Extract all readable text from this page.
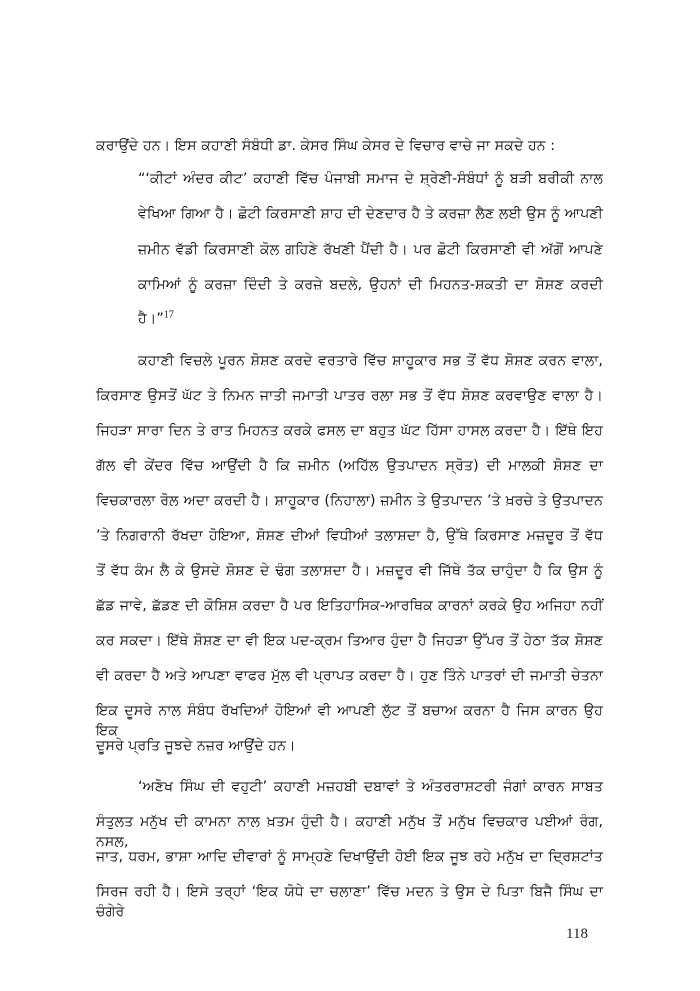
ਕਰਾਉਂਦੇ ਹਨ। ਇਸ ਕਹਾਣੀ ਸੰਬੰਧੀ ਡਾ. ਕੇਸਰ ਸਿੰਘ ਕੇਸਰ ਦੇ ਵਿਚਾਰ ਵਾਚੇ ਜਾ ਸਕਦੇ ਹਨ :
“‘ਕੀਟਾਂ ਅੰਦਰ ਕੀਟ’ ਕਹਾਣੀ ਵਿੱਚ ਪੰਜਾਬੀ ਸਮਾਜ ਦੇ ਸ਼੍ਰੇਣੀ-ਸੰਬੰਧਾਂ ਨੂੰ ਬੜੀ ਬਰੀਕੀ ਨਾਲ
ਵੇਖਿਆ ਗਿਆ ਹੈ। ਛੋਟੀ ਕਿਰਸਾਣੀ ਸ਼ਾਹ ਦੀ ਦੇਣਦਾਰ ਹੈ ਤੇ ਕਰਜ਼ਾ ਲੈਣ ਲਈ ਉਸ ਨੂੰ ਆਪਣੀ
ਜ਼ਮੀਨ ਵੱਡੀ ਕਿਰਸਾਣੀ ਕੋਲ ਗਹਿਣੇ ਰੱਖਣੀ ਪੈਂਦੀ ਹੈ। ਪਰ ਛੋਟੀ ਕਿਰਸਾਣੀ ਵੀ ਅੱਗੋਂ ਆਪਣੇ
ਕਾਮਿਆਂ ਨੂੰ ਕਰਜ਼ਾ ਦਿੰਦੀ ਤੇ ਕਰਜ਼ੇ ਬਦਲੇ, ਉਹਨਾਂ ਦੀ ਮਿਹਨਤ-ਸ਼ਕਤੀ ਦਾ ਸ਼ੋਸ਼ਣ ਕਰਦੀ
ਹੈ।”$^{17}$
ਕਹਾਣੀ ਵਿਚਲੇ ਪੂਰਨ ਸ਼ੋਸ਼ਣ ਕਰਦੇ ਵਰਤਾਰੇ ਵਿੱਚ ਸ਼ਾਹੂਕਾਰ ਸਭ ਤੋਂ ਵੱਧ ਸ਼ੋਸ਼ਣ ਕਰਨ ਵਾਲਾ,
ਕਿਰਸਾਣ ਉਸਤੋਂ ਘੱਟ ਤੇ ਨਿਮਨ ਜਾਤੀ ਜਮਾਤੀ ਪਾਤਰ ਰਲਾ ਸਭ ਤੋਂ ਵੱਧ ਸ਼ੋਸ਼ਣ ਕਰਵਾਉਣ ਵਾਲਾ ਹੈ।
ਜਿਹੜਾ ਸਾਰਾ ਦਿਨ ਤੇ ਰਾਤ ਮਿਹਨਤ ਕਰਕੇ ਫਸਲ ਦਾ ਬਹੁਤ ਘੱਟ ਹਿੱਸਾ ਹਾਸਲ ਕਰਦਾ ਹੈ। ਇੱਥੇ ਇਹ
ਗੱਲ ਵੀ ਕੇਂਦਰ ਵਿੱਚ ਆਉਂਦੀ ਹੈ ਕਿ ਜ਼ਮੀਨ (ਅਹਿੱਲ ਉਤਪਾਦਨ ਸ੍ਰੋਤ) ਦੀ ਮਾਲਕੀ ਸ਼ੋਸ਼ਣ ਦਾ
ਵਿਚਕਾਰਲਾ ਰੋਲ ਅਦਾ ਕਰਦੀ ਹੈ। ਸ਼ਾਹੂਕਾਰ (ਨਿਹਾਲਾ) ਜ਼ਮੀਨ ਤੇ ਉਤਪਾਦਨ ’ਤੇ ਖ਼ਰਚੇ ਤੇ ਉਤਪਾਦਨ
’ਤੇ ਨਿਗਰਾਨੀ ਰੱਖਦਾ ਹੋਇਆ, ਸ਼ੋਸ਼ਣ ਦੀਆਂ ਵਿਧੀਆਂ ਤਲਾਸ਼ਦਾ ਹੈ, ਉੱਥੇ ਕਿਰਸਾਣ ਮਜ਼ਦੂਰ ਤੋਂ ਵੱਧ
ਤੋਂ ਵੱਧ ਕੰਮ ਲੈ ਕੇ ਉਸਦੇ ਸ਼ੋਸ਼ਣ ਦੇ ਢੰਗ ਤਲਾਸ਼ਦਾ ਹੈ। ਮਜ਼ਦੂਰ ਵੀ ਜਿੱਥੇ ਤੱਕ ਚਾਹੁੰਦਾ ਹੈ ਕਿ ਉਸ ਨੂੰ
ਛੱਡ ਜਾਵੇ, ਛੱਡਣ ਦੀ ਕੋਸ਼ਿਸ਼ ਕਰਦਾ ਹੈ ਪਰ ਇਤਿਹਾਸਿਕ-ਆਰਥਿਕ ਕਾਰਨਾਂ ਕਰਕੇ ਉਹ ਅਜਿਹਾ ਨਹੀਂ
ਕਰ ਸਕਦਾ। ਇੱਥੇ ਸ਼ੋਸ਼ਣ ਦਾ ਵੀ ਇਕ ਪਦ-ਕ੍ਰਮ ਤਿਆਰ ਹੁੰਦਾ ਹੈ ਜਿਹੜਾ ਉੱਪਰ ਤੋਂ ਹੇਠਾ ਤੱਕ ਸ਼ੋਸ਼ਣ
ਵੀ ਕਰਦਾ ਹੈ ਅਤੇ ਆਪਣਾ ਵਾਫਰ ਮੁੱਲ ਵੀ ਪ੍ਰਾਪਤ ਕਰਦਾ ਹੈ। ਹੁਣ ਤਿੰਨੇ ਪਾਤਰਾਂ ਦੀ ਜਮਾਤੀ ਚੇਤਨਾ
ਇਕ ਦੂਸਰੇ ਨਾਲ ਸੰਬੰਧ ਰੱਖਦਿਆਂ ਹੋਇਆਂ ਵੀ ਆਪਣੀ ਲੁੱਟ ਤੋਂ ਬਚਾਅ ਕਰਨਾ ਹੈ ਜਿਸ ਕਾਰਨ ਉਹ ਇਕ
ਦੂਸਰੇ ਪ੍ਰਤਿ ਜੂਝਦੇ ਨਜ਼ਰ ਆਉਂਦੇ ਹਨ।
‘ਅਣੋਖ ਸਿੰਘ ਦੀ ਵਹੁਟੀ’ ਕਹਾਣੀ ਮਜ਼ਹਬੀ ਦਬਾਵਾਂ ਤੇ ਅੰਤਰਰਾਸ਼ਟਰੀ ਜੰਗਾਂ ਕਾਰਨ ਸਾਬਤ
ਸੰਤੁਲਤ ਮਨੁੱਖ ਦੀ ਕਾਮਨਾ ਨਾਲ ਖ਼ਤਮ ਹੁੰਦੀ ਹੈ। ਕਹਾਣੀ ਮਨੁੱਖ ਤੋਂ ਮਨੁੱਖ ਵਿਚਕਾਰ ਪਈਆਂ ਰੰਗ, ਨਸਲ,
ਜਾਤ, ਧਰਮ, ਭਾਸ਼ਾ ਆਦਿ ਦੀਵਾਰਾਂ ਨੂੰ ਸਾਮ੍ਹਣੇ ਦਿਖਾਉਂਦੀ ਹੋਈ ਇਕ ਜੂਝ ਰਹੇ ਮਨੁੱਖ ਦਾ ਦ੍ਰਿਸ਼ਟਾਂਤ
ਸਿਰਜ ਰਹੀ ਹੈ। ਇਸੇ ਤਰ੍ਹਾਂ ‘ਇਕ ਯੋਧੇ ਦਾ ਚਲਾਣਾ’ ਵਿੱਚ ਮਦਨ ਤੇ ਉਸ ਦੇ ਪਿਤਾ ਬਿਜੈ ਸਿੰਘ ਦਾ ਚੰਗੇਰੇ
118
